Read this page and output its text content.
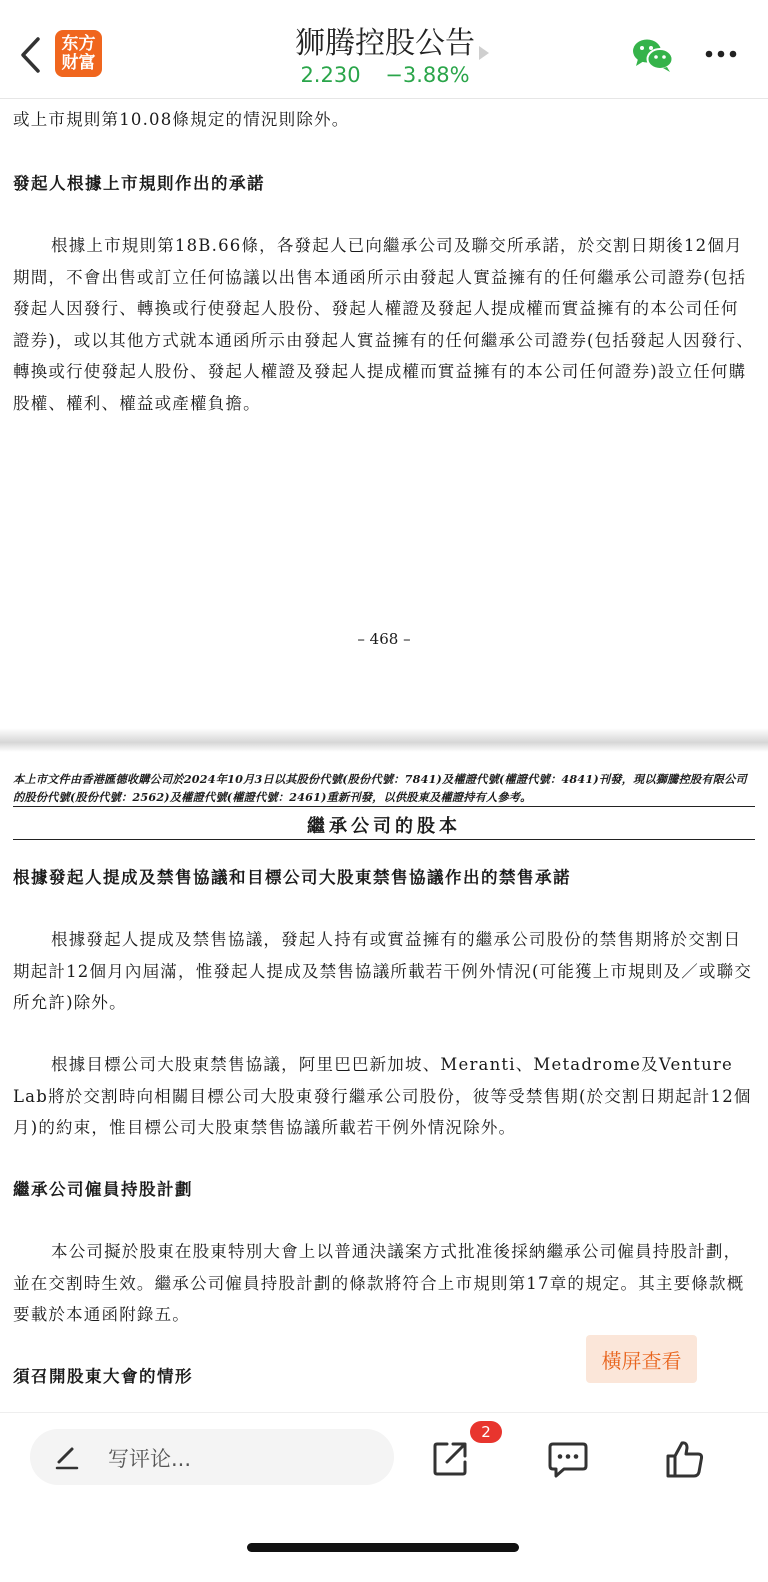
东方
财富
狮腾控股公告
2.230 −3.88%

或上市規則第10.08條規定的情況則除外。

發起人根據上市規則作出的承諾

根據上市規則第18B.66條，各發起人已向繼承公司及聯交所承諾，於交割日期後12個月期間，不會出售或訂立任何協議以出售本通函所示由發起人實益擁有的任何繼承公司證券(包括發起人因發行、轉換或行使發起人股份、發起人權證及發起人提成權而實益擁有的本公司任何證券)，或以其他方式就本通函所示由發起人實益擁有的任何繼承公司證券(包括發起人因發行、轉換或行使發起人股份、發起人權證及發起人提成權而實益擁有的本公司任何證券)設立任何購股權、權利、權益或產權負擔。

– 468 –

本上市文件由香港匯德收購公司於2024年10月3日以其股份代號(股份代號：7841)及權證代號(權證代號：4841)刊發，現以獅騰控股有限公司的股份代號(股份代號：2562)及權證代號(權證代號：2461)重新刊發，以供股東及權證持有人參考。

繼承公司的股本
根據發起人提成及禁售協議和目標公司大股東禁售協議作出的禁售承諾

根據發起人提成及禁售協議，發起人持有或實益擁有的繼承公司股份的禁售期將於交割日期起計12個月內屆滿，惟發起人提成及禁售協議所載若干例外情況(可能獲上市規則及／或聯交所允許)除外。

根據目標公司大股東禁售協議，阿里巴巴新加坡、Meranti、Metadrome及Venture Lab將於交割時向相關目標公司大股東發行繼承公司股份，彼等受禁售期(於交割日期起計12個月)的約束，惟目標公司大股東禁售協議所載若干例外情況除外。

繼承公司僱員持股計劃

本公司擬於股東在股東特別大會上以普通決議案方式批准後採納繼承公司僱員持股計劃，並在交割時生效。繼承公司僱員持股計劃的條款將符合上市規則第17章的規定。其主要條款概要載於本通函附錄五。

須召開股東大會的情形
橫屏查看
写评论...
2
